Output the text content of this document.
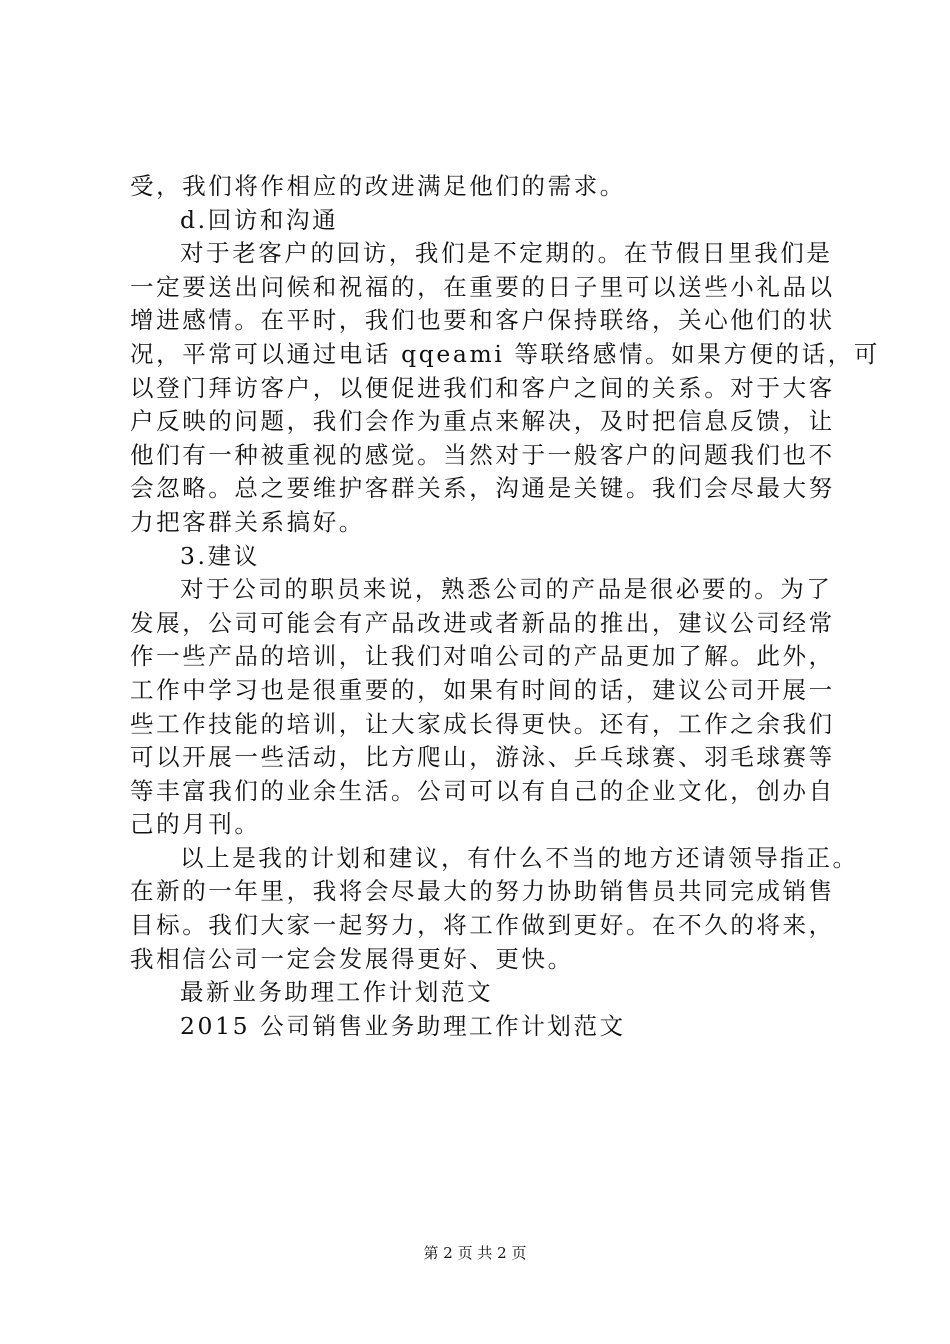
受，我们将作相应的改进满足他们的需求。
d.回访和沟通
对于老客户的回访，我们是不定期的。在节假日里我们是
一定要送出问候和祝福的，在重要的日子里可以送些小礼品以
增进感情。在平时，我们也要和客户保持联络，关心他们的状
况，平常可以通过电话 qqeami 等联络感情。如果方便的话，可
以登门拜访客户，以便促进我们和客户之间的关系。对于大客
户反映的问题，我们会作为重点来解决，及时把信息反馈，让
他们有一种被重视的感觉。当然对于一般客户的问题我们也不
会忽略。总之要维护客群关系，沟通是关键。我们会尽最大努
力把客群关系搞好。
3.建议
对于公司的职员来说，熟悉公司的产品是很必要的。为了
发展，公司可能会有产品改进或者新品的推出，建议公司经常
作一些产品的培训，让我们对咱公司的产品更加了解。此外，
工作中学习也是很重要的，如果有时间的话，建议公司开展一
些工作技能的培训，让大家成长得更快。还有，工作之余我们
可以开展一些活动，比方爬山，游泳、乒乓球赛、羽毛球赛等
等丰富我们的业余生活。公司可以有自己的企业文化，创办自
己的月刊。
以上是我的计划和建议，有什么不当的地方还请领导指正。
在新的一年里，我将会尽最大的努力协助销售员共同完成销售
目标。我们大家一起努力，将工作做到更好。在不久的将来，
我相信公司一定会发展得更好、更快。
最新业务助理工作计划范文
2015 公司销售业务助理工作计划范文
第 2 页 共 2 页
